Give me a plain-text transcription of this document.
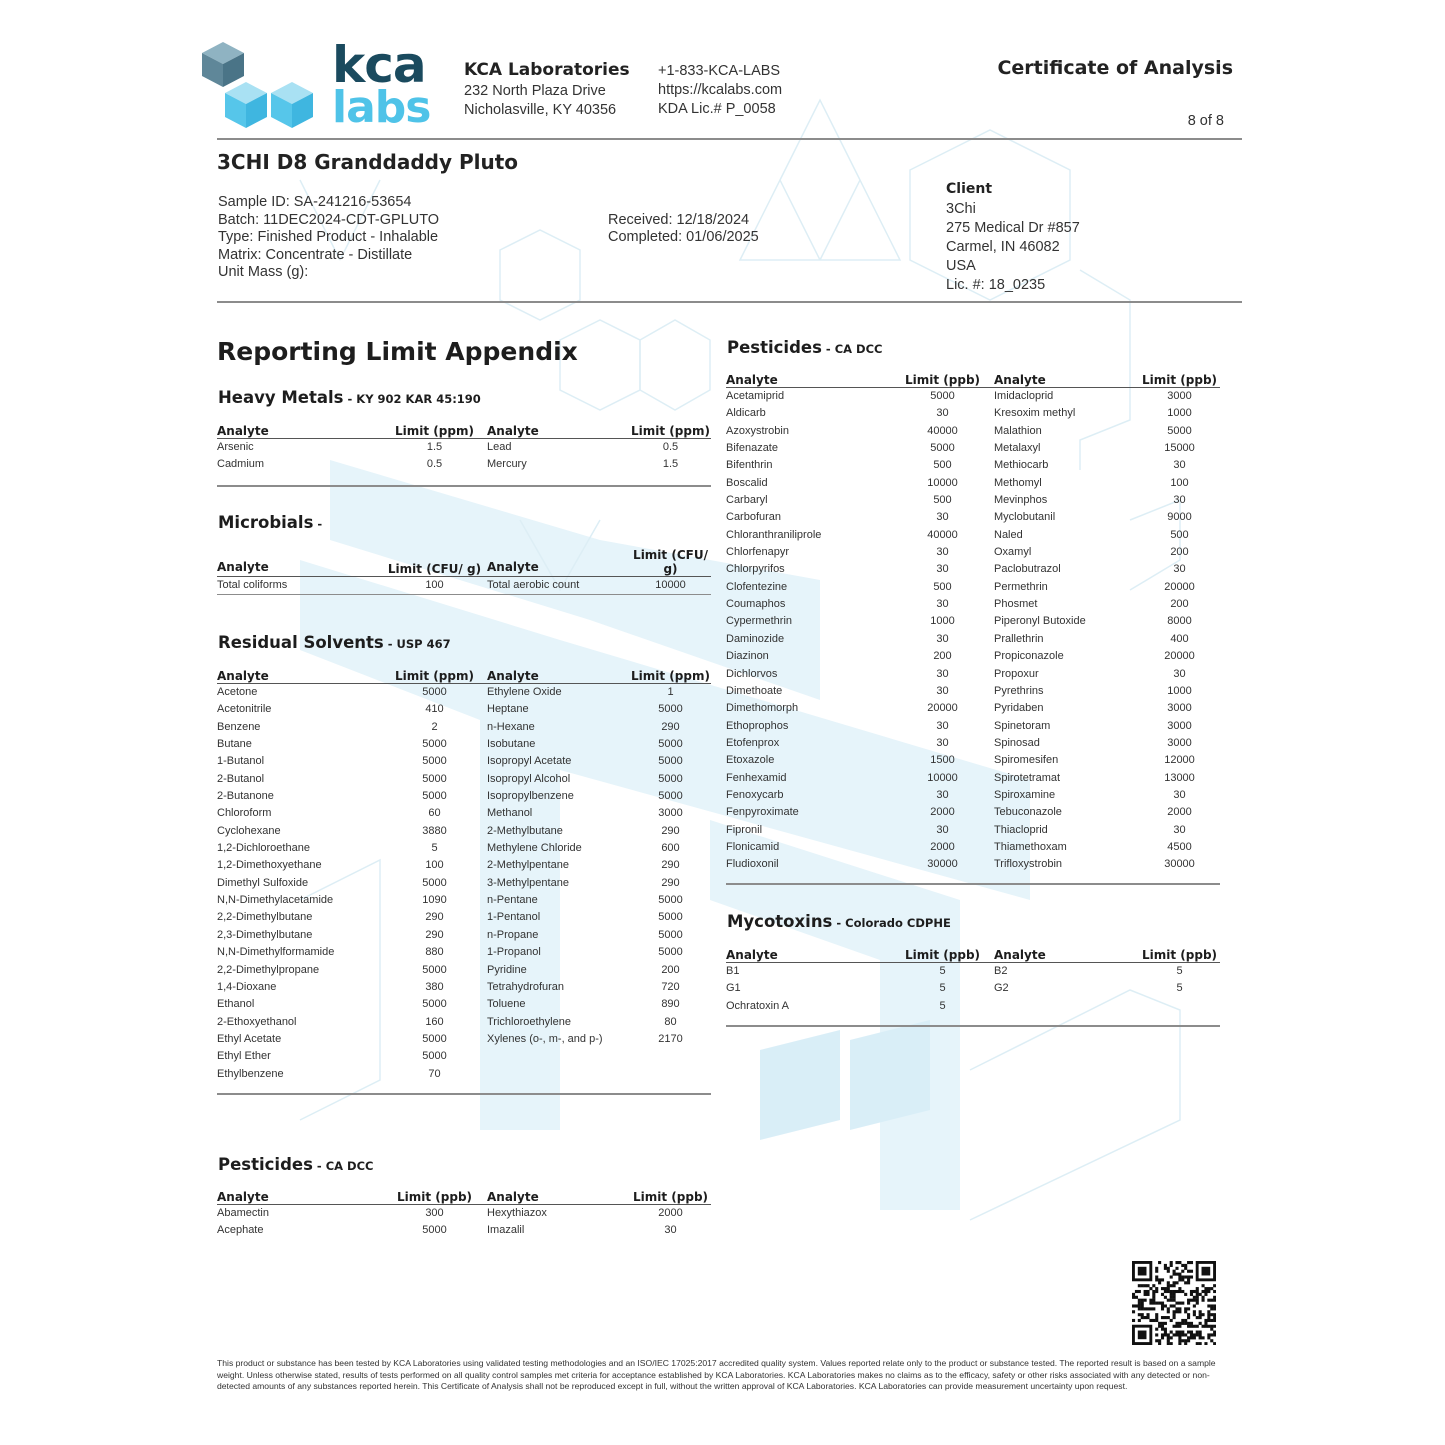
kca
labs
KCA Laboratories
232 North Plaza Drive
Nicholasville, KY 40356
+1-833-KCA-LABS
https://kcalabs.com
KDA Lic.# P_0058
Certificate of Analysis
8 of 8
3CHI D8 Granddaddy Pluto
Sample ID: SA-241216-53654
Batch: 11DEC2024-CDT-GPLUTO
Type: Finished Product - Inhalable
Matrix: Concentrate - Distillate
Unit Mass (g):
Received: 12/18/2024
Completed: 01/06/2025
Client
3Chi
275 Medical Dr #857
Carmel, IN 46082
USA
Lic. #: 18_0235
Reporting Limit Appendix
Heavy Metals - KY 902 KAR 45:190
Analyte	Limit (ppm)	Analyte	Limit (ppm)
Arsenic	1.5	Lead	0.5
Cadmium	0.5	Mercury	1.5
Microbials -
Analyte	Limit (CFU/ g)	Analyte	Limit (CFU/ g)
Total coliforms	100	Total aerobic count	10000
Residual Solvents - USP 467
Analyte	Limit (ppm)	Analyte	Limit (ppm)
Acetone	5000	Ethylene Oxide	1
Acetonitrile	410	Heptane	5000
Benzene	2	n-Hexane	290
Butane	5000	Isobutane	5000
1-Butanol	5000	Isopropyl Acetate	5000
2-Butanol	5000	Isopropyl Alcohol	5000
2-Butanone	5000	Isopropylbenzene	5000
Chloroform	60	Methanol	3000
Cyclohexane	3880	2-Methylbutane	290
1,2-Dichloroethane	5	Methylene Chloride	600
1,2-Dimethoxyethane	100	2-Methylpentane	290
Dimethyl Sulfoxide	5000	3-Methylpentane	290
N,N-Dimethylacetamide	1090	n-Pentane	5000
2,2-Dimethylbutane	290	1-Pentanol	5000
2,3-Dimethylbutane	290	n-Propane	5000
N,N-Dimethylformamide	880	1-Propanol	5000
2,2-Dimethylpropane	5000	Pyridine	200
1,4-Dioxane	380	Tetrahydrofuran	720
Ethanol	5000	Toluene	890
2-Ethoxyethanol	160	Trichloroethylene	80
Ethyl Acetate	5000	Xylenes (o-, m-, and p-)	2170
Ethyl Ether	5000		
Ethylbenzene	70		
Pesticides - CA DCC
Analyte	Limit (ppb)	Analyte	Limit (ppb)
Abamectin	300	Hexythiazox	2000
Acephate	5000	Imazalil	30
Pesticides - CA DCC
Analyte	Limit (ppb)	Analyte	Limit (ppb)
Acetamiprid	5000	Imidacloprid	3000
Aldicarb	30	Kresoxim methyl	1000
Azoxystrobin	40000	Malathion	5000
Bifenazate	5000	Metalaxyl	15000
Bifenthrin	500	Methiocarb	30
Boscalid	10000	Methomyl	100
Carbaryl	500	Mevinphos	30
Carbofuran	30	Myclobutanil	9000
Chloranthraniliprole	40000	Naled	500
Chlorfenapyr	30	Oxamyl	200
Chlorpyrifos	30	Paclobutrazol	30
Clofentezine	500	Permethrin	20000
Coumaphos	30	Phosmet	200
Cypermethrin	1000	Piperonyl Butoxide	8000
Daminozide	30	Prallethrin	400
Diazinon	200	Propiconazole	20000
Dichlorvos	30	Propoxur	30
Dimethoate	30	Pyrethrins	1000
Dimethomorph	20000	Pyridaben	3000
Ethoprophos	30	Spinetoram	3000
Etofenprox	30	Spinosad	3000
Etoxazole	1500	Spiromesifen	12000
Fenhexamid	10000	Spirotetramat	13000
Fenoxycarb	30	Spiroxamine	30
Fenpyroximate	2000	Tebuconazole	2000
Fipronil	30	Thiacloprid	30
Flonicamid	2000	Thiamethoxam	4500
Fludioxonil	30000	Trifloxystrobin	30000
Mycotoxins - Colorado CDPHE
Analyte	Limit (ppb)	Analyte	Limit (ppb)
B1	5	B2	5
G1	5	G2	5
Ochratoxin A	5		
This product or substance has been tested by KCA Laboratories using validated testing methodologies and an ISO/IEC 17025:2017 accredited quality system. Values reported relate only to the product or substance tested. The reported result is based on a sample weight. Unless otherwise stated, results of tests performed on all quality control samples met criteria for acceptance established by KCA Laboratories. KCA Laboratories makes no claims as to the efficacy, safety or other risks associated with any detected or non-detected amounts of any substances reported herein. This Certificate of Analysis shall not be reproduced except in full, without the written approval of KCA Laboratories. KCA Laboratories can provide measurement uncertainty upon request.
